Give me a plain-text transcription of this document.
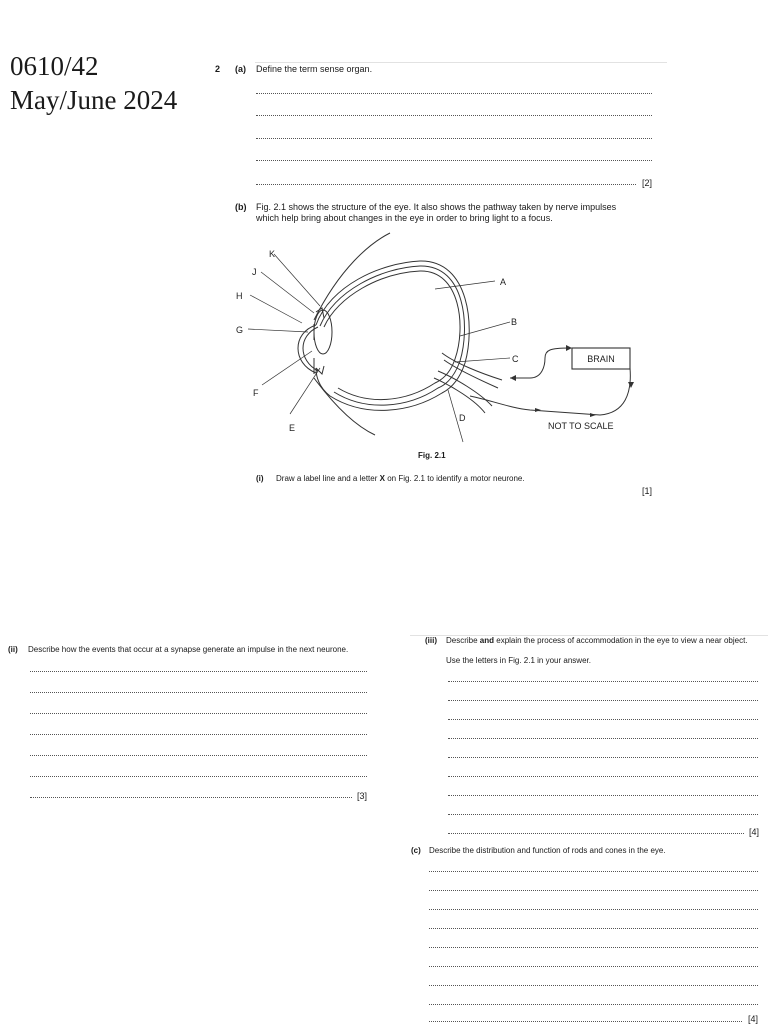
0610/42
May/June 2024
2 (a) Define the term sense organ.
[2]
(b) Fig. 2.1 shows the structure of the eye. It also shows the pathway taken by nerve impulses
which help bring about changes in the eye in order to bring light to a focus.
K
J
H
G
F
E
D
A
B
C	BRAIN
NOT TO SCALE
Fig. 2.1
(i) Draw a label line and a letter X on Fig. 2.1 to identify a motor neurone.
[1]
(ii) Describe how the events that occur at a synapse generate an impulse in the next neurone.
[3]
(iii) Describe and explain the process of accommodation in the eye to view a near object.
Use the letters in Fig. 2.1 in your answer.
[4]
(c) Describe the distribution and function of rods and cones in the eye.
[4]
